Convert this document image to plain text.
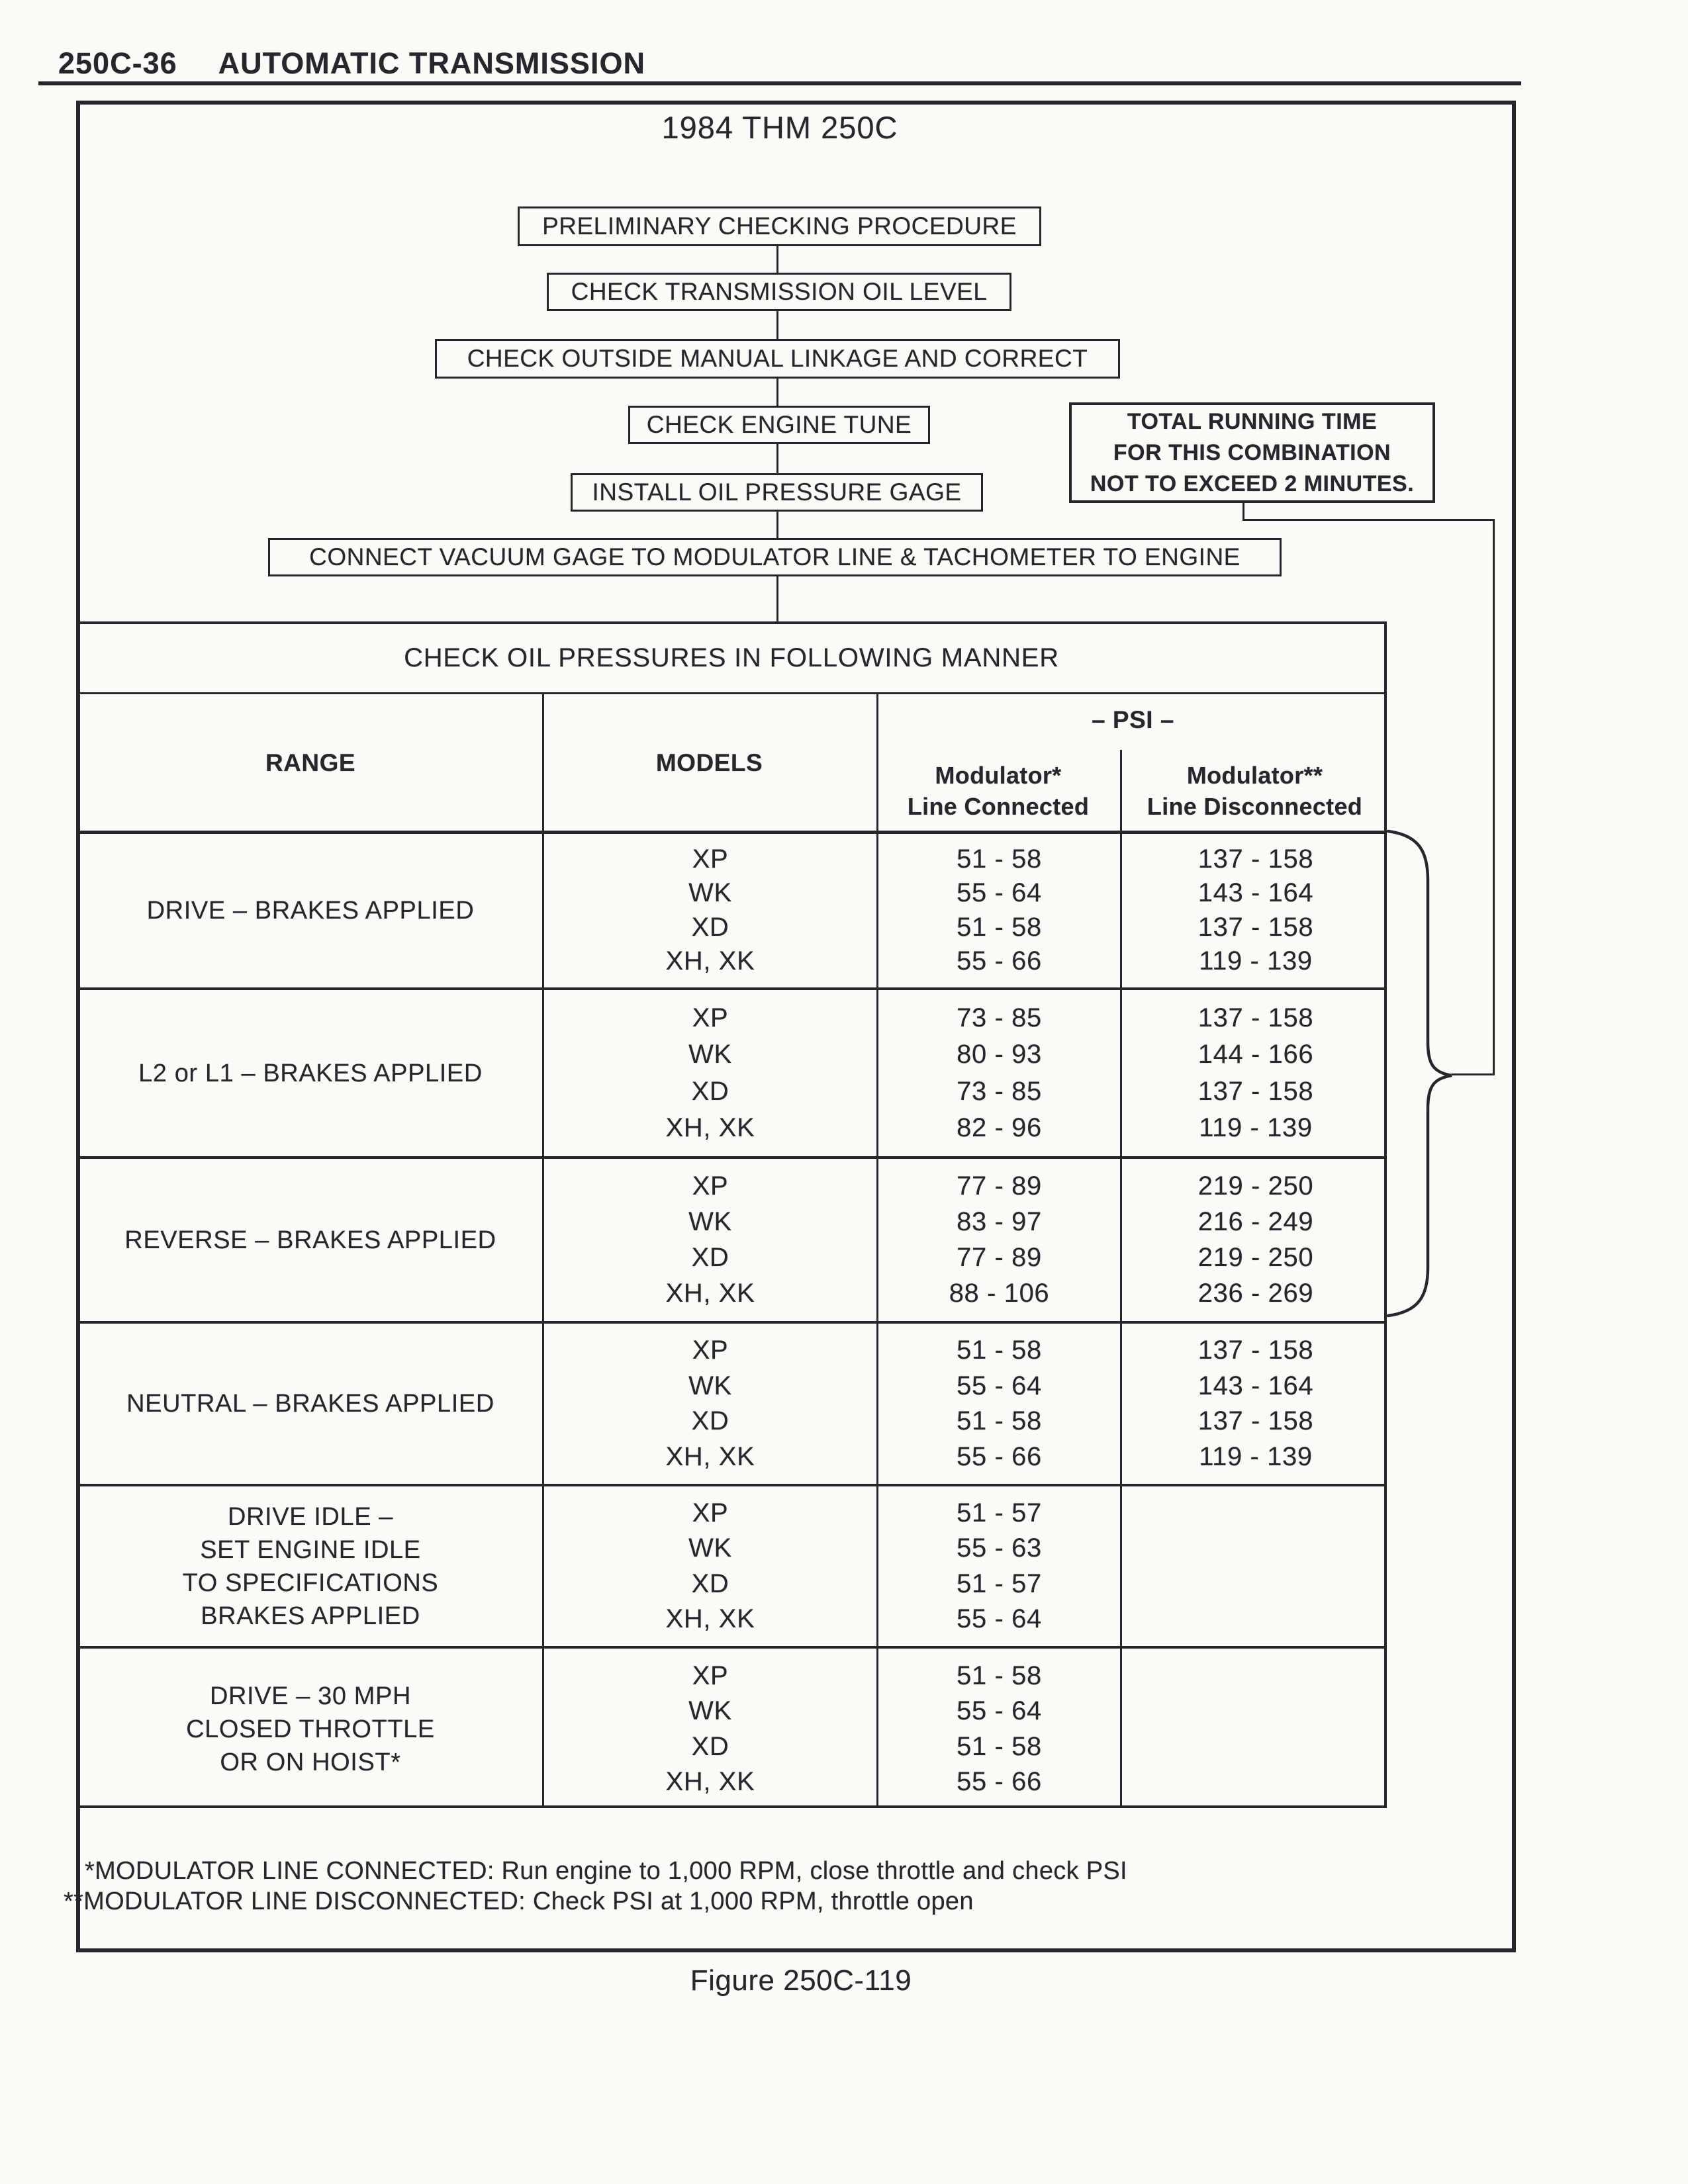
250C-36 AUTOMATIC TRANSMISSION
1984 THM 250C
PRELIMINARY CHECKING PROCEDURE
CHECK TRANSMISSION OIL LEVEL
CHECK OUTSIDE MANUAL LINKAGE AND CORRECT
CHECK ENGINE TUNE
INSTALL OIL PRESSURE GAGE
CONNECT VACUUM GAGE TO MODULATOR LINE & TACHOMETER TO ENGINE
TOTAL RUNNING TIME
FOR THIS COMBINATION
NOT TO EXCEED 2 MINUTES.
CHECK OIL PRESSURES IN FOLLOWING MANNER
RANGE	MODELS
– PSI –
Modulator*
Line Connected
Modulator**
Line Disconnected
DRIVE – BRAKES APPLIED
XP
WK
XD
XH, XK
51 - 58
55 - 64
51 - 58
55 - 66
137 - 158
143 - 164
137 - 158
119 - 139
L2 or L1 – BRAKES APPLIED
XP
WK
XD
XH, XK
73 - 85
80 - 93
73 - 85
82 - 96
137 - 158
144 - 166
137 - 158
119 - 139
REVERSE – BRAKES APPLIED
XP
WK
XD
XH, XK
77 - 89
83 - 97
77 - 89
88 - 106
219 - 250
216 - 249
219 - 250
236 - 269
NEUTRAL – BRAKES APPLIED
XP
WK
XD
XH, XK
51 - 58
55 - 64
51 - 58
55 - 66
137 - 158
143 - 164
137 - 158
119 - 139
DRIVE IDLE –
SET ENGINE IDLE
TO SPECIFICATIONS
BRAKES APPLIED
XP
WK
XD
XH, XK
51 - 57
55 - 63
51 - 57
55 - 64
DRIVE – 30 MPH
CLOSED THROTTLE
OR ON HOIST*
XP
WK
XD
XH, XK
51 - 58
55 - 64
51 - 58
55 - 66
*MODULATOR LINE CONNECTED: Run engine to 1,000 RPM, close throttle and check PSI
**MODULATOR LINE DISCONNECTED: Check PSI at 1,000 RPM, throttle open
Figure 250C-119
